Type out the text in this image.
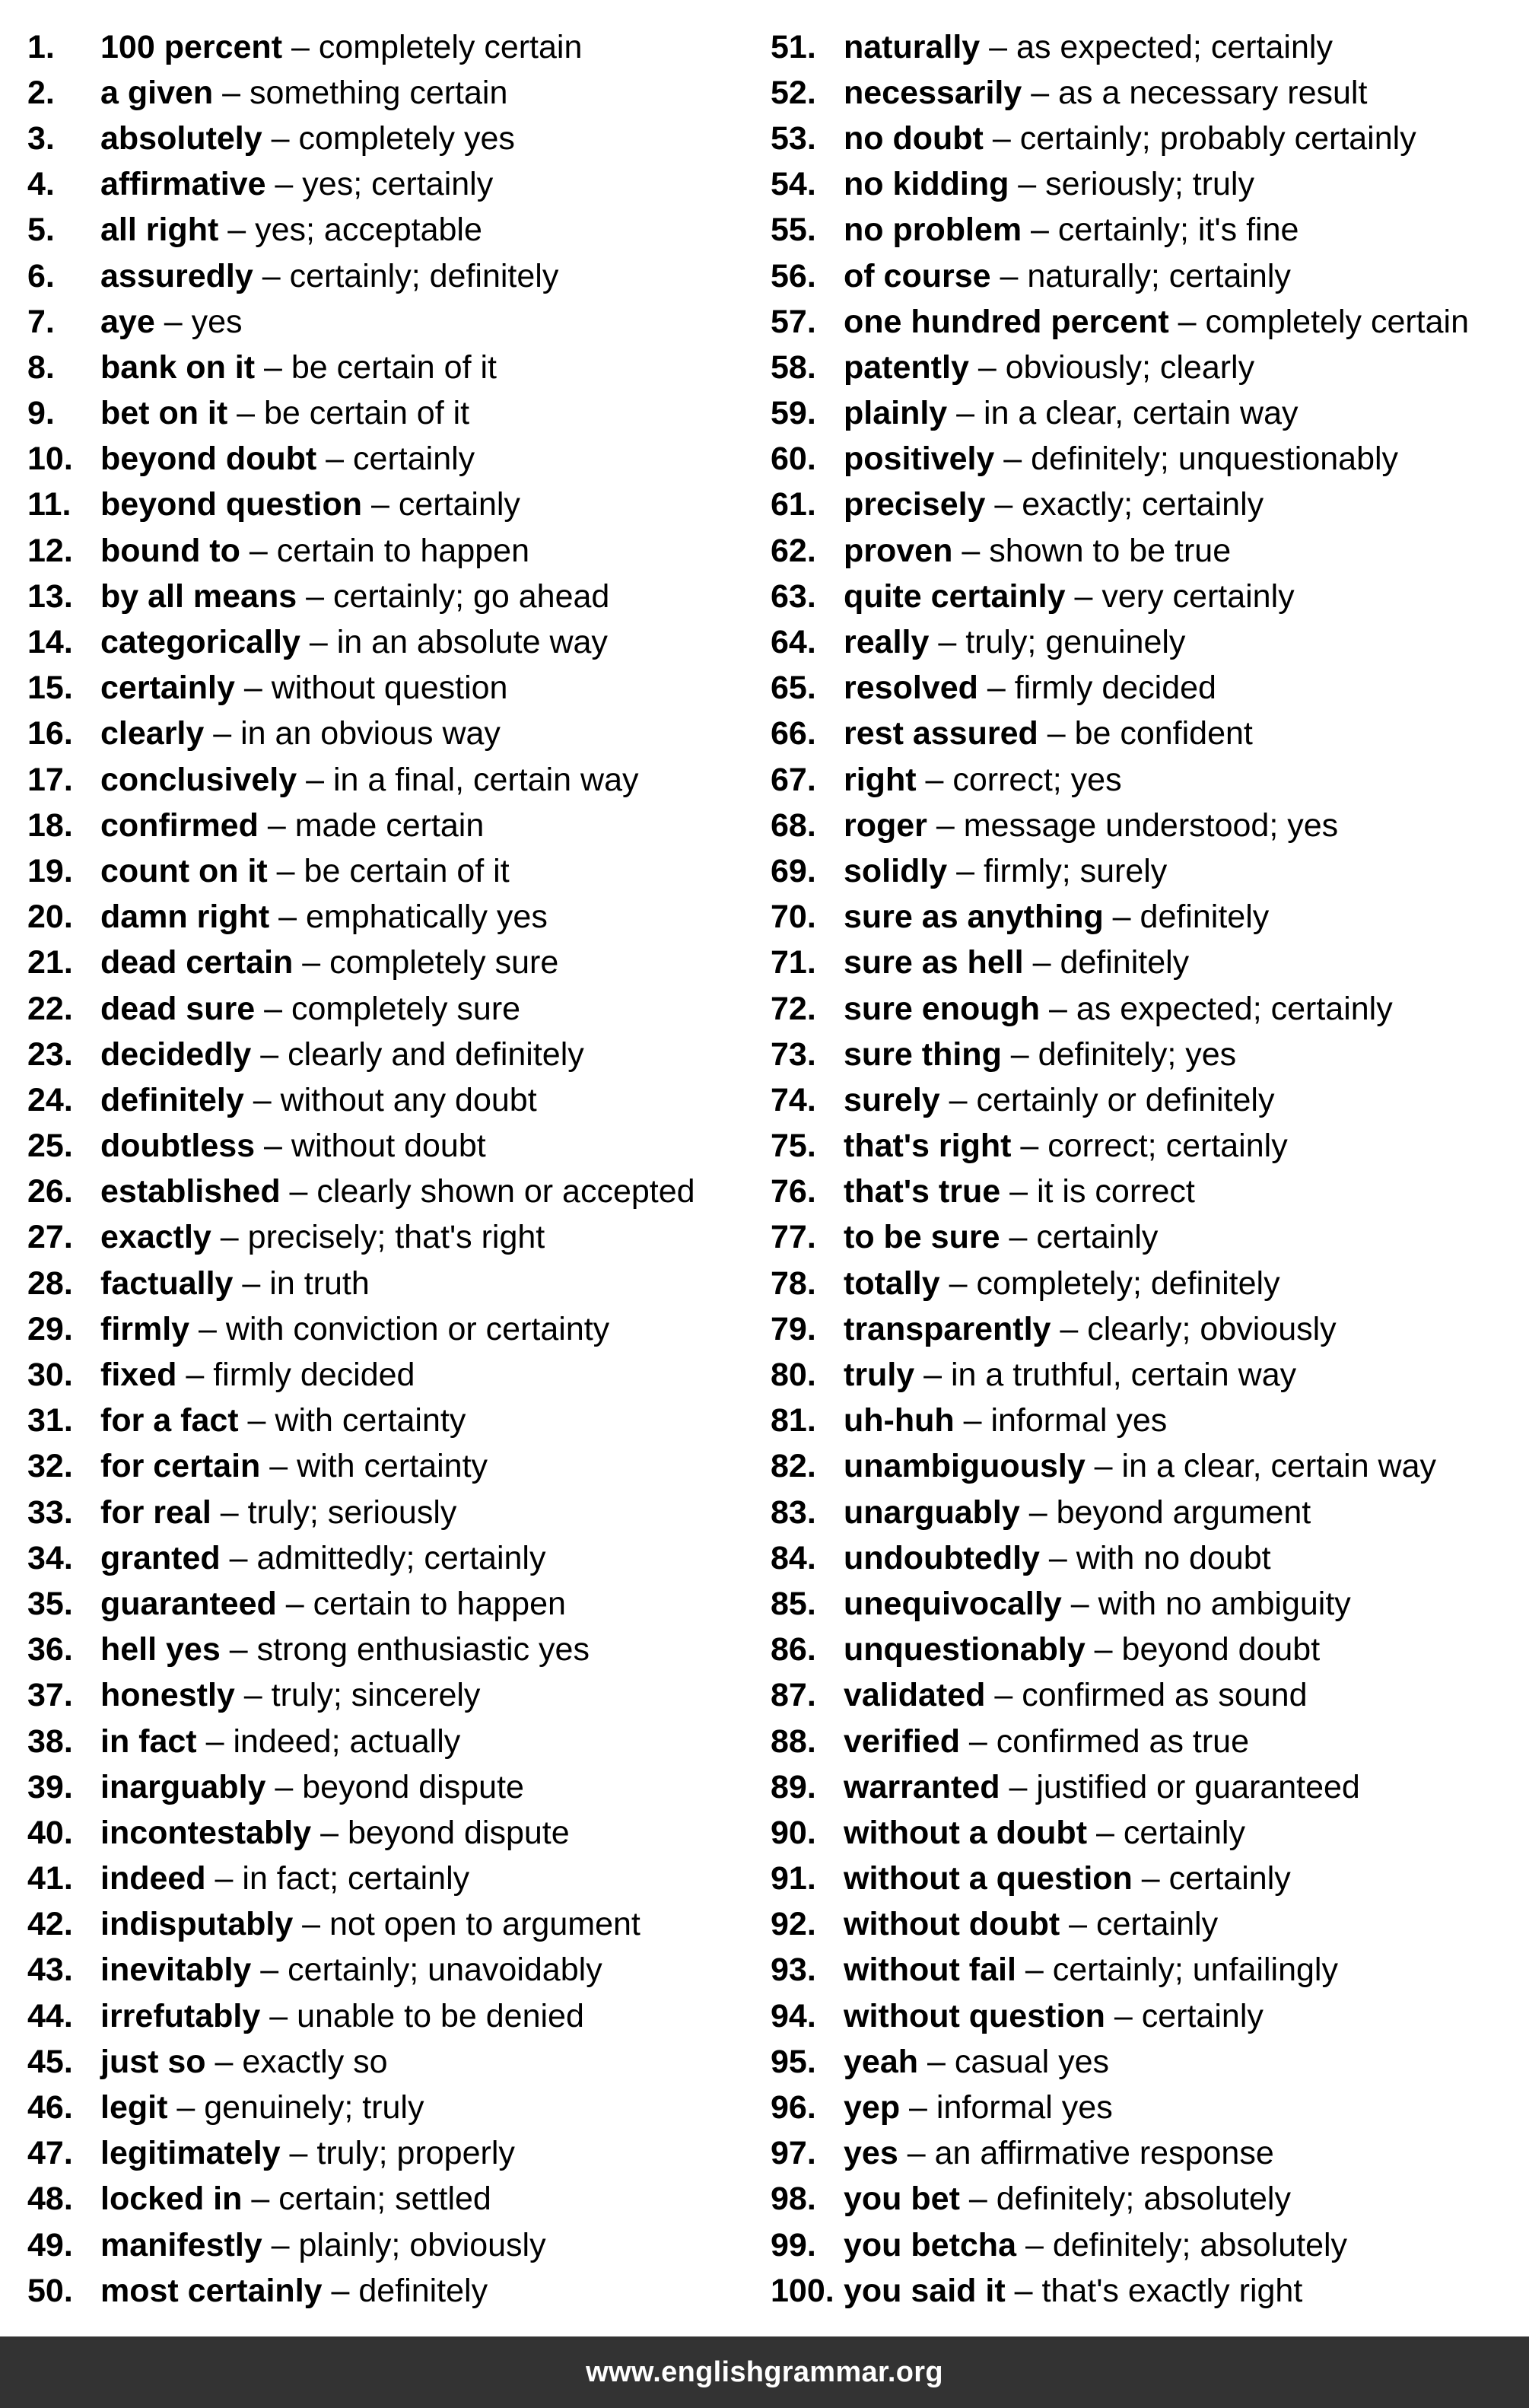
1.	100 percent – completely certain
2.	a given – something certain
3.	absolutely – completely yes
4.	affirmative – yes; certainly
5.	all right – yes; acceptable
6.	assuredly – certainly; definitely
7.	aye – yes
8.	bank on it – be certain of it
9.	bet on it – be certain of it
10. beyond doubt – certainly
11. beyond question – certainly
12. bound to – certain to happen
13. by all means – certainly; go ahead
14. categorically – in an absolute way
15. certainly – without question
16. clearly – in an obvious way
17. conclusively – in a final, certain way
18. confirmed – made certain
19. count on it – be certain of it
20. damn right – emphatically yes
21. dead certain – completely sure
22. dead sure – completely sure
23. decidedly – clearly and definitely
24. definitely – without any doubt
25. doubtless – without doubt
26. established – clearly shown or accepted
27. exactly – precisely; that's right
28. factually – in truth
29. firmly – with conviction or certainty
30. fixed – firmly decided
31. for a fact – with certainty
32. for certain – with certainty
33. for real – truly; seriously
34. granted – admittedly; certainly
35. guaranteed – certain to happen
36. hell yes – strong enthusiastic yes
37. honestly – truly; sincerely
38. in fact – indeed; actually
39. inarguably – beyond dispute
40. incontestably – beyond dispute
41. indeed – in fact; certainly
42. indisputably – not open to argument
43. inevitably – certainly; unavoidably
44. irrefutably – unable to be denied
45. just so – exactly so
46. legit – genuinely; truly
47. legitimately – truly; properly
48. locked in – certain; settled
49. manifestly – plainly; obviously
50. most certainly – definitely
51. naturally – as expected; certainly
52. necessarily – as a necessary result
53. no doubt – certainly; probably certainly
54. no kidding – seriously; truly
55. no problem – certainly; it's fine
56. of course – naturally; certainly
57. one hundred percent – completely certain
58. patently – obviously; clearly
59. plainly – in a clear, certain way
60. positively – definitely; unquestionably
61. precisely – exactly; certainly
62. proven – shown to be true
63. quite certainly – very certainly
64. really – truly; genuinely
65. resolved – firmly decided
66. rest assured – be confident
67. right – correct; yes
68. roger – message understood; yes
69. solidly – firmly; surely
70. sure as anything – definitely
71. sure as hell – definitely
72. sure enough – as expected; certainly
73. sure thing – definitely; yes
74. surely – certainly or definitely
75. that's right – correct; certainly
76. that's true – it is correct
77. to be sure – certainly
78. totally – completely; definitely
79. transparently – clearly; obviously
80. truly – in a truthful, certain way
81. uh-huh – informal yes
82. unambiguously – in a clear, certain way
83. unarguably – beyond argument
84. undoubtedly – with no doubt
85. unequivocally – with no ambiguity
86. unquestionably – beyond doubt
87. validated – confirmed as sound
88. verified – confirmed as true
89. warranted – justified or guaranteed
90. without a doubt – certainly
91. without a question – certainly
92. without doubt – certainly
93. without fail – certainly; unfailingly
94. without question – certainly
95. yeah – casual yes
96. yep – informal yes
97. yes – an affirmative response
98. you bet – definitely; absolutely
99. you betcha – definitely; absolutely
100. you said it – that's exactly right
www.englishgrammar.org
